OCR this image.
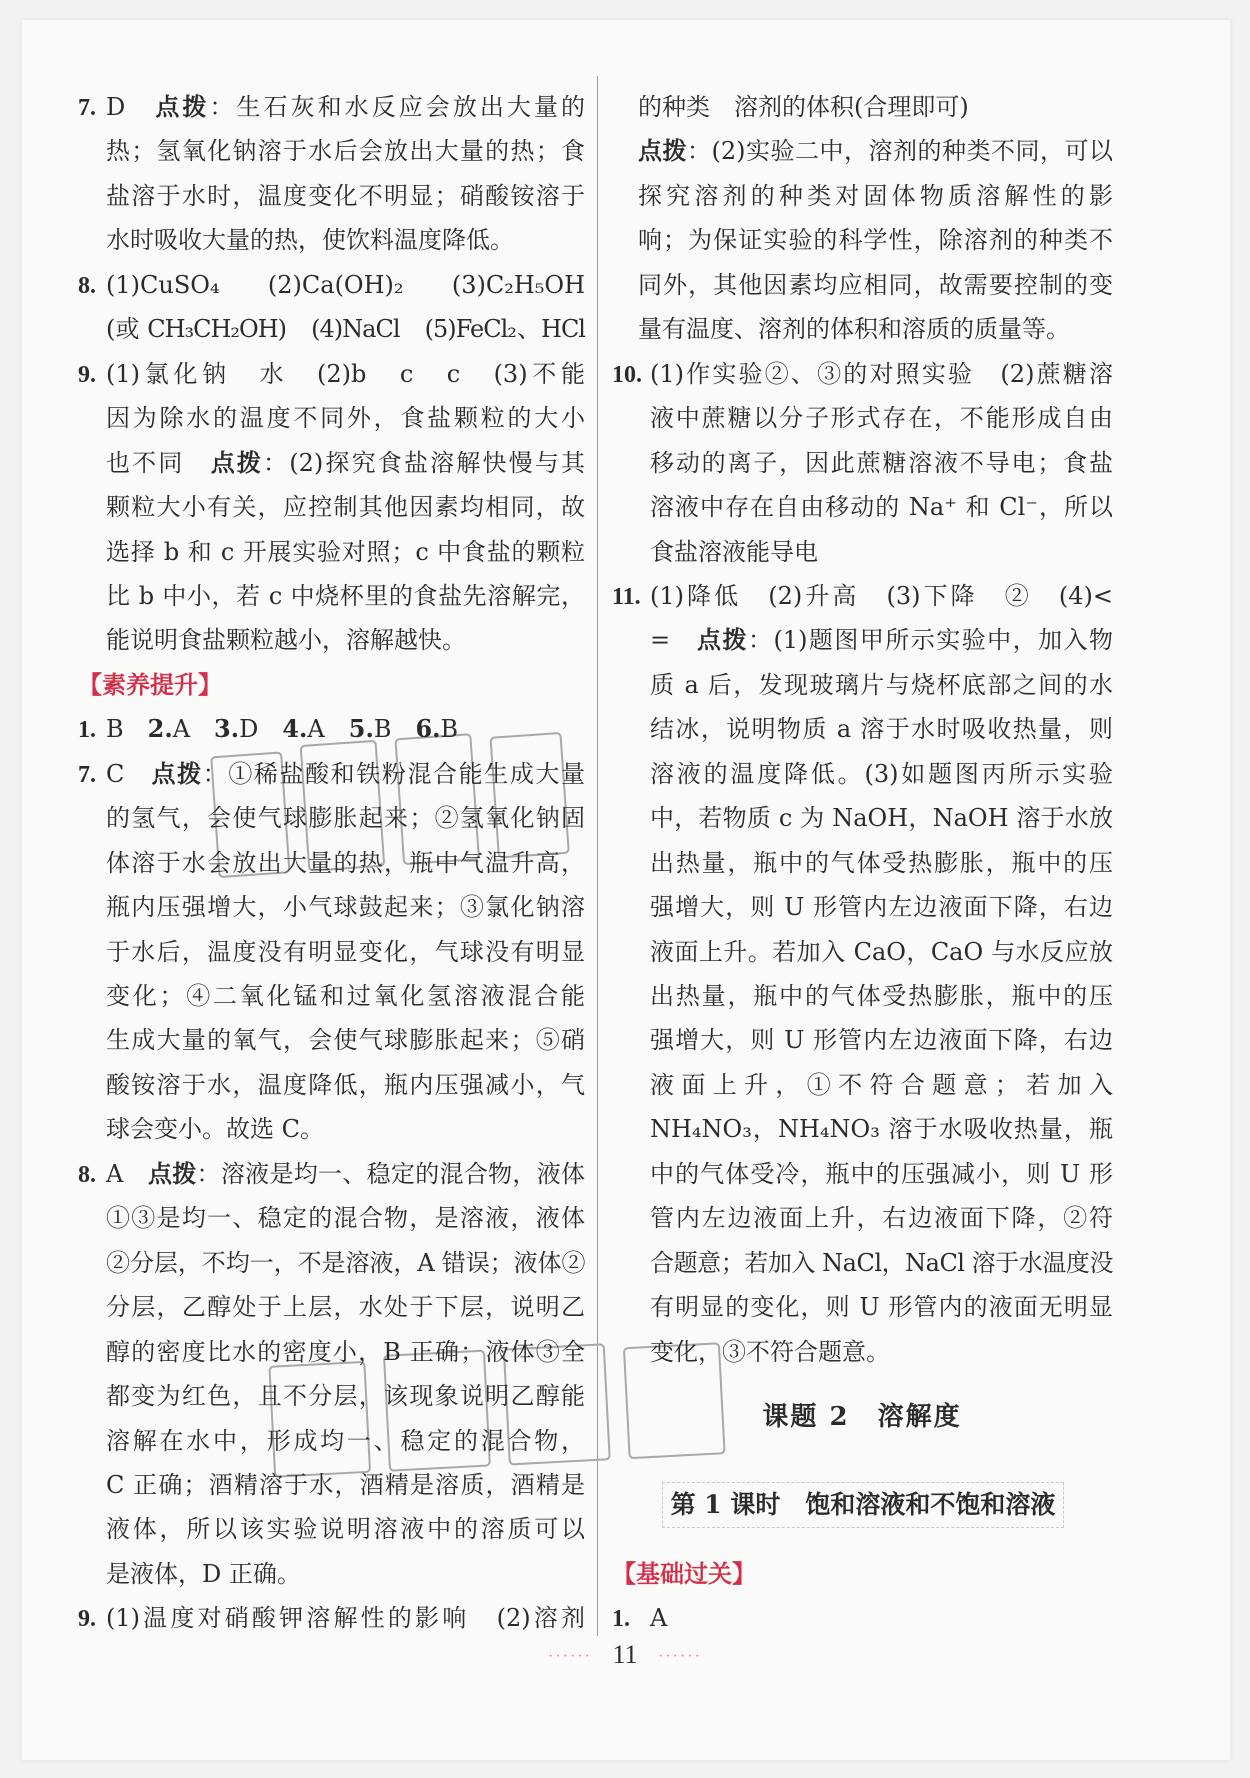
7. D　点拨：生石灰和水反应会放出大量的
热；氢氧化钠溶于水后会放出大量的热；食
盐溶于水时，温度变化不明显；硝酸铵溶于
水时吸收大量的热，使饮料温度降低。
8. (1)CuSO₄　(2)Ca(OH)₂　(3)C₂H₅OH
(或 CH₃CH₂OH)　(4)NaCl　(5)FeCl₂、HCl
9. (1)氯化钠　水　(2)b　c　c　(3)不能
因为除水的温度不同外，食盐颗粒的大小
也不同　点拨：(2)探究食盐溶解快慢与其
颗粒大小有关，应控制其他因素均相同，故
选择 b 和 c 开展实验对照；c 中食盐的颗粒
比 b 中小，若 c 中烧杯里的食盐先溶解完，
能说明食盐颗粒越小，溶解越快。
【素养提升】
1. B　2.A　3.D　4.A　5.B　6.B
7. C　点拨：①稀盐酸和铁粉混合能生成大量
的氢气，会使气球膨胀起来；②氢氧化钠固
体溶于水会放出大量的热，瓶中气温升高，
瓶内压强增大，小气球鼓起来；③氯化钠溶
于水后，温度没有明显变化，气球没有明显
变化；④二氧化锰和过氧化氢溶液混合能
生成大量的氧气，会使气球膨胀起来；⑤硝
酸铵溶于水，温度降低，瓶内压强减小，气
球会变小。故选 C。
8. A　点拨：溶液是均一、稳定的混合物，液体
①③是均一、稳定的混合物，是溶液，液体
②分层，不均一，不是溶液，A 错误；液体②
分层，乙醇处于上层，水处于下层，说明乙
醇的密度比水的密度小，B 正确；液体③全
都变为红色，且不分层，该现象说明乙醇能
溶解在水中，形成均一、稳定的混合物，
C 正确；酒精溶于水，酒精是溶质，酒精是
液体，所以该实验说明溶液中的溶质可以
是液体，D 正确。
9. (1)温度对硝酸钾溶解性的影响　(2)溶剂
的种类　溶剂的体积(合理即可)
点拨：(2)实验二中，溶剂的种类不同，可以
探究溶剂的种类对固体物质溶解性的影
响；为保证实验的科学性，除溶剂的种类不
同外，其他因素均应相同，故需要控制的变
量有温度、溶剂的体积和溶质的质量等。
10. (1)作实验②、③的对照实验　(2)蔗糖溶
液中蔗糖以分子形式存在，不能形成自由
移动的离子，因此蔗糖溶液不导电；食盐
溶液中存在自由移动的 Na⁺ 和 Cl⁻，所以
食盐溶液能导电
11. (1)降低　(2)升高　(3)下降　②　(4)<
=　点拨：(1)题图甲所示实验中，加入物
质 a 后，发现玻璃片与烧杯底部之间的水
结冰，说明物质 a 溶于水时吸收热量，则
溶液的温度降低。(3)如题图丙所示实验
中，若物质 c 为 NaOH，NaOH 溶于水放
出热量，瓶中的气体受热膨胀，瓶中的压
强增大，则 U 形管内左边液面下降，右边
液面上升。若加入 CaO，CaO 与水反应放
出热量，瓶中的气体受热膨胀，瓶中的压
强增大，则 U 形管内左边液面下降，右边
液面上升，①不符合题意；若加入
NH₄NO₃，NH₄NO₃ 溶于水吸收热量，瓶
中的气体受冷，瓶中的压强减小，则 U 形
管内左边液面上升，右边液面下降，②符
合题意；若加入 NaCl，NaCl 溶于水温度没
有明显的变化，则 U 形管内的液面无明显
变化，③不符合题意。
【基础过关】
1. A
课题 2　溶解度
第 1 课时　饱和溶液和不饱和溶液
······ 11 ······
